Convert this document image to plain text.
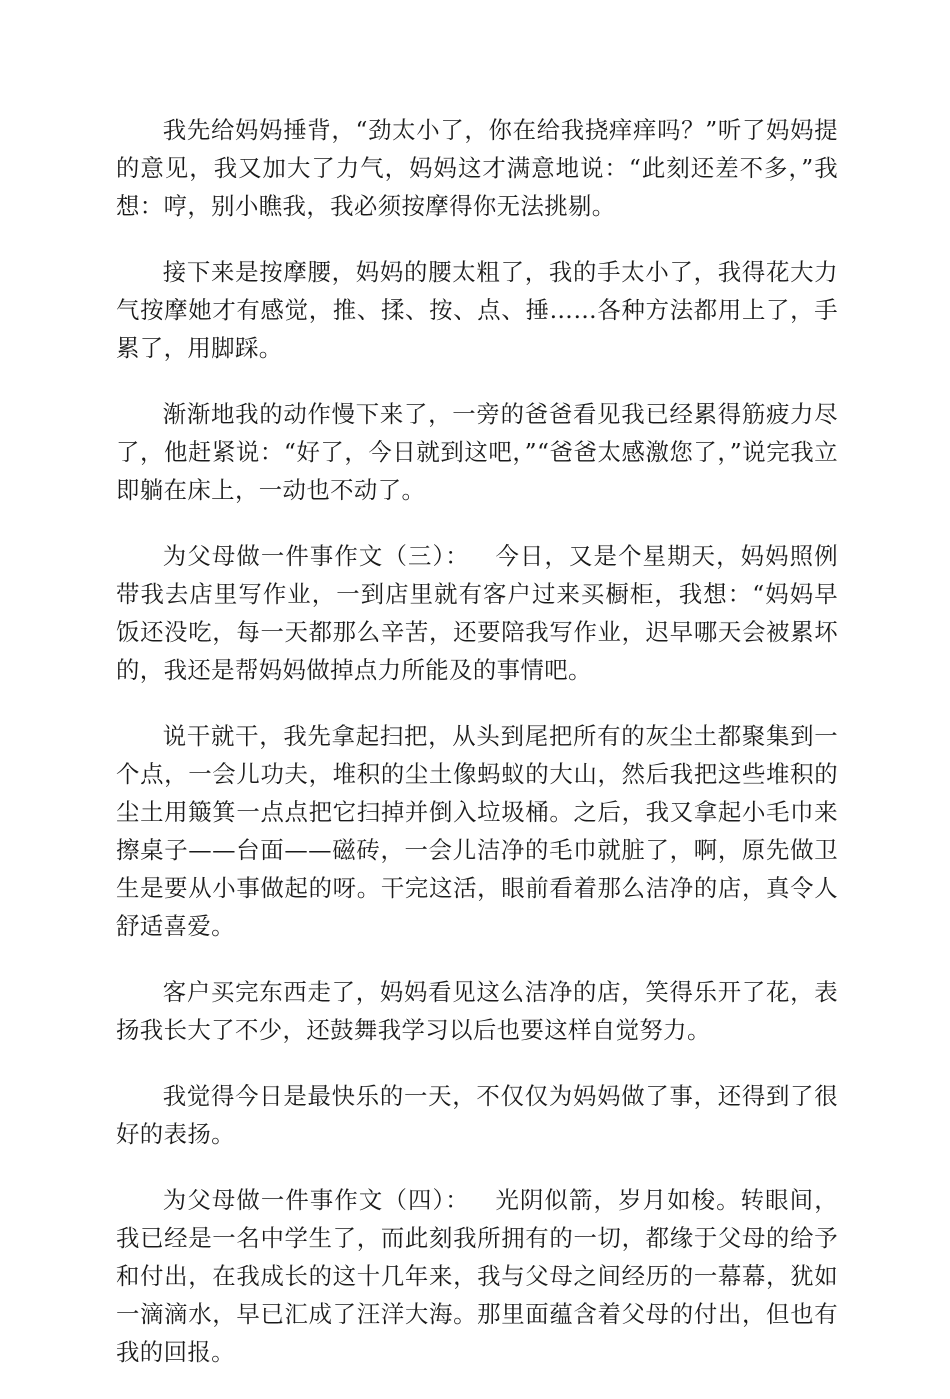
我先给妈妈捶背，“劲太小了，你在给我挠痒痒吗？”听了妈妈提的意见，我又加大了力气，妈妈这才满意地说：“此刻还差不多，”我想：哼，别小瞧我，我必须按摩得你无法挑剔。

接下来是按摩腰，妈妈的腰太粗了，我的手太小了，我得花大力气按摩她才有感觉，推、揉、按、点、捶……各种方法都用上了，手累了，用脚踩。

渐渐地我的动作慢下来了，一旁的爸爸看见我已经累得筋疲力尽了，他赶紧说：“好了，今日就到这吧，”“爸爸太感激您了，”说完我立即躺在床上，一动也不动了。

为父母做一件事作文（三）：   今日，又是个星期天，妈妈照例带我去店里写作业，一到店里就有客户过来买橱柜，我想：“妈妈早饭还没吃，每一天都那么辛苦，还要陪我写作业，迟早哪天会被累坏的，我还是帮妈妈做掉点力所能及的事情吧。

说干就干，我先拿起扫把，从头到尾把所有的灰尘土都聚集到一个点，一会儿功夫，堆积的尘土像蚂蚁的大山，然后我把这些堆积的尘土用簸箕一点点把它扫掉并倒入垃圾桶。之后，我又拿起小毛巾来擦桌子——台面——磁砖，一会儿洁净的毛巾就脏了，啊，原先做卫生是要从小事做起的呀。干完这活，眼前看着那么洁净的店，真令人舒适喜爱。

客户买完东西走了，妈妈看见这么洁净的店，笑得乐开了花，表扬我长大了不少，还鼓舞我学习以后也要这样自觉努力。

我觉得今日是最快乐的一天，不仅仅为妈妈做了事，还得到了很好的表扬。

为父母做一件事作文（四）：   光阴似箭，岁月如梭。转眼间，我已经是一名中学生了，而此刻我所拥有的一切，都缘于父母的给予和付出，在我成长的这十几年来，我与父母之间经历的一幕幕，犹如一滴滴水，早已汇成了汪洋大海。那里面蕴含着父母的付出，但也有我的回报。
